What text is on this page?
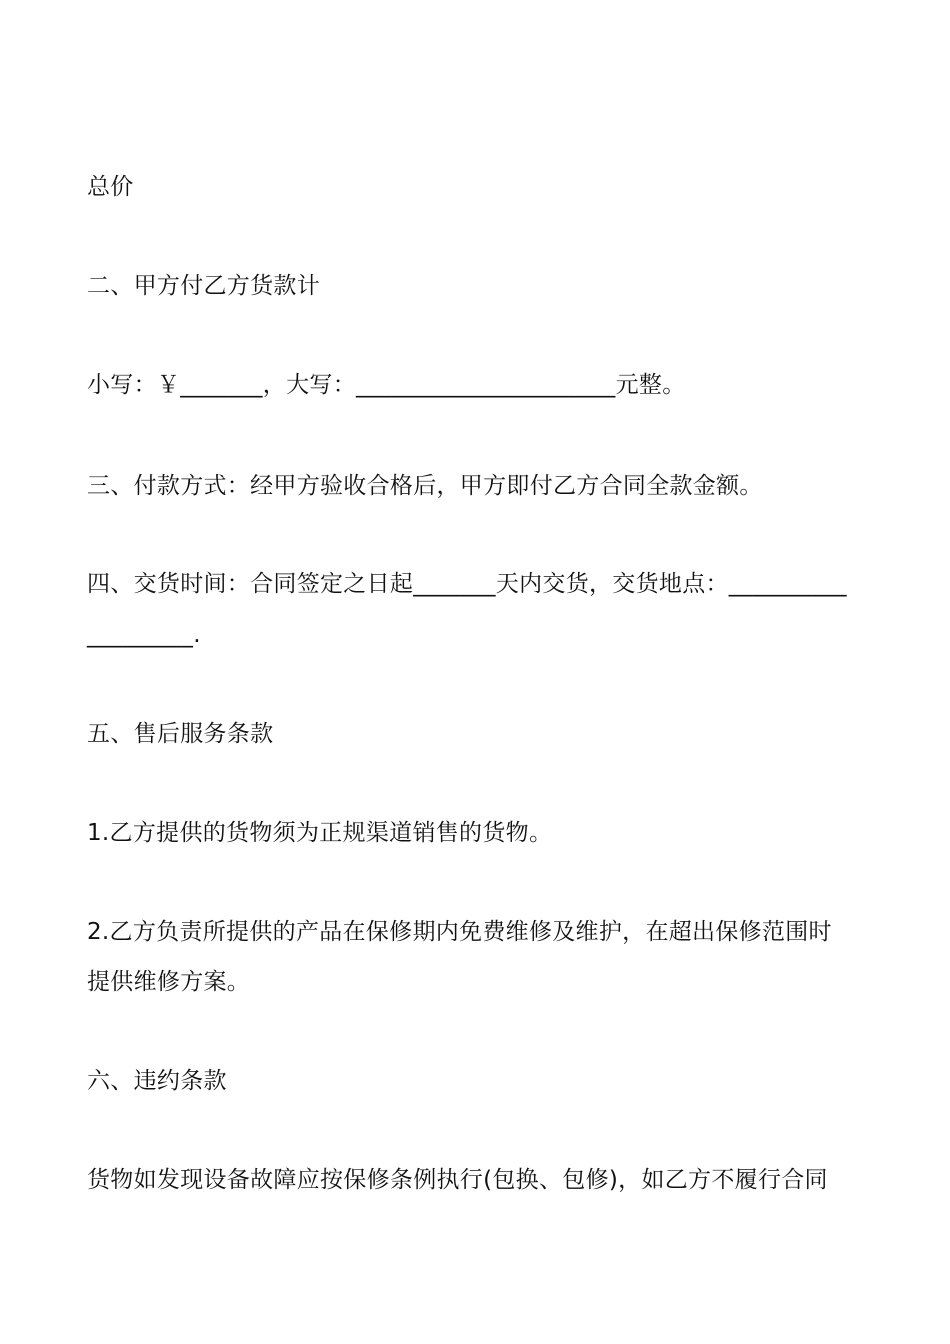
总价
二、甲方付乙方货款计
小写：￥_______，大写：______________________元整。
三、付款方式：经甲方验收合格后，甲方即付乙方合同全款金额。
四、交货时间：合同签定之日起_______天内交货，交货地点：__________
_________.
五、售后服务条款
1.乙方提供的货物须为正规渠道销售的货物。
2.乙方负责所提供的产品在保修期内免费维修及维护，在超出保修范围时
提供维修方案。
六、违约条款
货物如发现设备故障应按保修条例执行(包换、包修)，如乙方不履行合同
